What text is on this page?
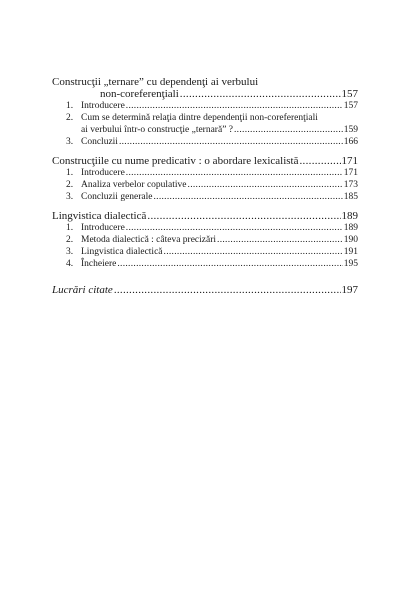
Construcţii „ternare” cu dependenţi ai verbului
non-coreferenţiali .....	157
1. Introducere .....	157
2. Cum se determină relaţia dintre dependenţii non-coreferenţiali
ai verbului într-o construcţie „ternară” ? .....	159
3. Concluzii .....	166
Construcţiile cu nume predicativ : o abordare lexicalistă .....	171
1. Introducere .....	171
2. Analiza verbelor copulative .....	173
3. Concluzii generale .....	185
Lingvistica dialectică .....	189
1. Introducere .....	189
2. Metoda dialectică : câteva precizări .....	190
3. Lingvistica dialectică .....	191
4. Încheiere .....	195
Lucrări citate .....	197
